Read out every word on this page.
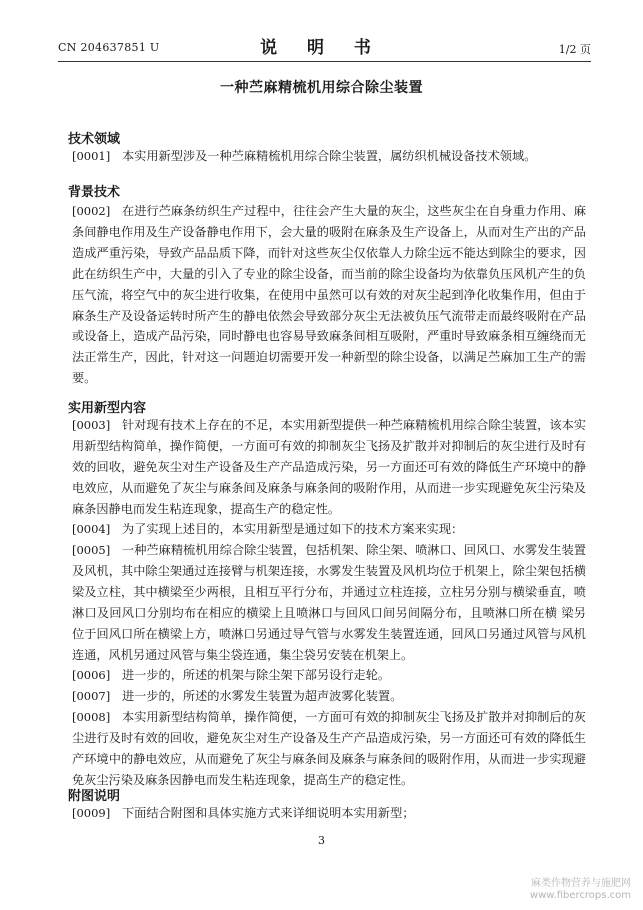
CN 204637851 U	说 明 书	1/2 页
一种苎麻精梳机用综合除尘装置
技术领域
[0001] 本实用新型涉及一种苎麻精梳机用综合除尘装置，属纺织机械设备技术领域。
背景技术
[0002] 在进行苎麻条纺织生产过程中，往往会产生大量的灰尘，这些灰尘在自身重力作用、麻条间静电作用及生产设备静电作用下，会大量的吸附在麻条及生产设备上，从而对生产出的产品造成严重污染，导致产品品质下降，而针对这些灰尘仅依靠人力除尘远不能达到除尘的要求，因此在纺织生产中，大量的引入了专业的除尘设备，而当前的除尘设备均为依靠负压风机产生的负压气流，将空气中的灰尘进行收集，在使用中虽然可以有效的对灰尘起到净化收集作用，但由于麻条生产及设备运转时所产生的静电依然会导致部分灰尘无法被负压气流带走而最终吸附在产品或设备上，造成产品污染，同时静电也容易导致麻条间相互吸附，严重时导致麻条相互缠绕而无法正常生产，因此，针对这一问题迫切需要开发一种新型的除尘设备，以满足苎麻加工生产的需要。
实用新型内容
[0003] 针对现有技术上存在的不足，本实用新型提供一种苎麻精梳机用综合除尘装置，该本实用新型结构简单，操作简便，一方面可有效的抑制灰尘飞扬及扩散并对抑制后的灰尘进行及时有效的回收，避免灰尘对生产设备及生产产品造成污染，另一方面还可有效的降低生产环境中的静电效应，从而避免了灰尘与麻条间及麻条与麻条间的吸附作用，从而进一步实现避免灰尘污染及麻条因静电而发生粘连现象，提高生产的稳定性。
[0004] 为了实现上述目的，本实用新型是通过如下的技术方案来实现：
[0005] 一种苎麻精梳机用综合除尘装置，包括机架、除尘架、喷淋口、回风口、水雾发生装置及风机，其中除尘架通过连接臂与机架连接，水雾发生装置及风机均位于机架上，除尘架包括横梁及立柱，其中横梁至少两根，且相互平行分布，并通过立柱连接，立柱另分别与横梁垂直，喷淋口及回风口分别均布在相应的横梁上且喷淋口与回风口间另间隔分布，且喷淋口所在横 梁另位于回风口所在横梁上方，喷淋口另通过导气管与水雾发生装置连通，回风口另通过风管与风机连通，风机另通过风管与集尘袋连通，集尘袋另安装在机架上。
[0006] 进一步的，所述的机架与除尘架下部另设行走轮。
[0007] 进一步的，所述的水雾发生装置为超声波雾化装置。
[0008] 本实用新型结构简单，操作简便，一方面可有效的抑制灰尘飞扬及扩散并对抑制后的灰尘进行及时有效的回收，避免灰尘对生产设备及生产产品造成污染，另一方面还可有效的降低生产环境中的静电效应，从而避免了灰尘与麻条间及麻条与麻条间的吸附作用，从而进一步实现避免灰尘污染及麻条因静电而发生粘连现象，提高生产的稳定性。
附图说明
[0009] 下面结合附图和具体实施方式来详细说明本实用新型；
3
麻类作物营养与施肥网
www.fibercrops.com
